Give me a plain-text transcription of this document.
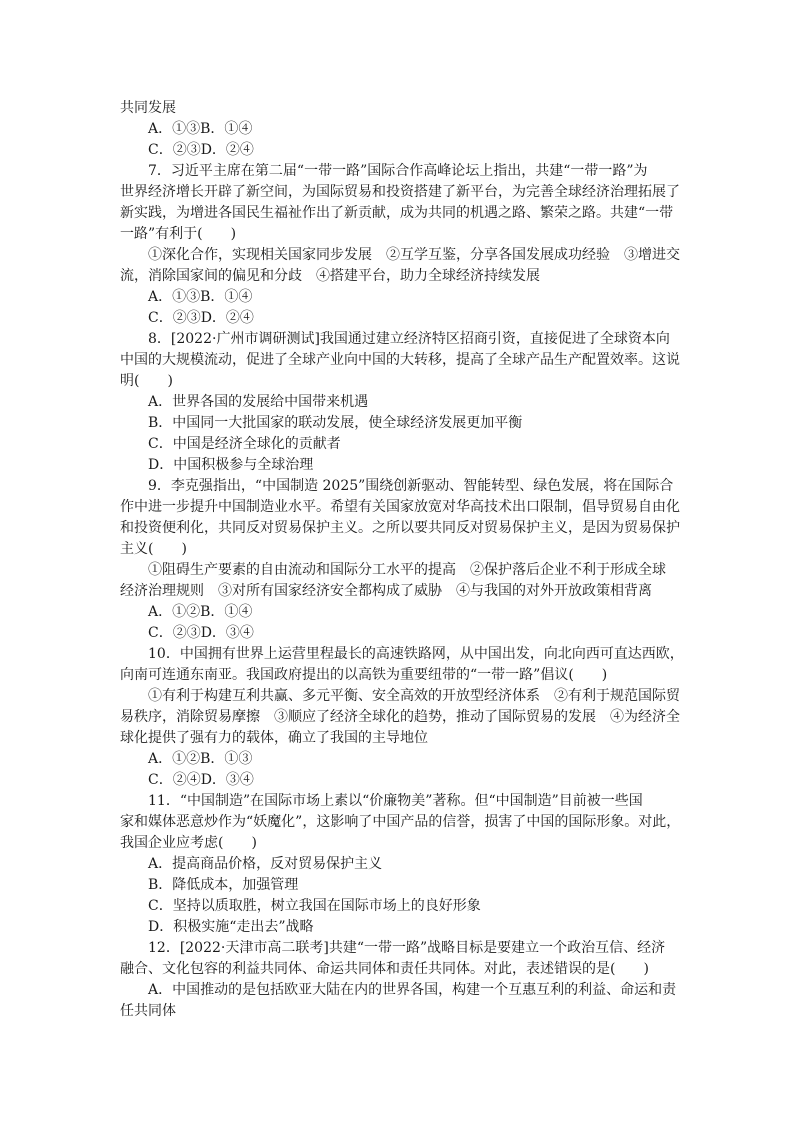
共同发展
A．①③B．①④
C．②③D．②④
7．习近平主席在第二届“一带一路”国际合作高峰论坛上指出，共建“一带一路”为
世界经济增长开辟了新空间，为国际贸易和投资搭建了新平台，为完善全球经济治理拓展了
新实践，为增进各国民生福祉作出了新贡献，成为共同的机遇之路、繁荣之路。共建“一带
一路”有利于(　　)
①深化合作，实现相关国家同步发展　②互学互鉴，分享各国发展成功经验　③增进交
流，消除国家间的偏见和分歧　④搭建平台，助力全球经济持续发展
A．①③B．①④
C．②③D．②④
8．[2022·广州市调研测试]我国通过建立经济特区招商引资，直接促进了全球资本向
中国的大规模流动，促进了全球产业向中国的大转移，提高了全球产品生产配置效率。这说
明(　　)
A．世界各国的发展给中国带来机遇
B．中国同一大批国家的联动发展，使全球经济发展更加平衡
C．中国是经济全球化的贡献者
D．中国积极参与全球治理
9．李克强指出，“中国制造 2025”围绕创新驱动、智能转型、绿色发展，将在国际合
作中进一步提升中国制造业水平。希望有关国家放宽对华高技术出口限制，倡导贸易自由化
和投资便利化，共同反对贸易保护主义。之所以要共同反对贸易保护主义，是因为贸易保护
主义(　　)
①阻碍生产要素的自由流动和国际分工水平的提高　②保护落后企业不利于形成全球
经济治理规则　③对所有国家经济安全都构成了威胁　④与我国的对外开放政策相背离
A．①②B．①④
C．②③D．③④
10．中国拥有世界上运营里程最长的高速铁路网，从中国出发，向北向西可直达西欧，
向南可连通东南亚。我国政府提出的以高铁为重要纽带的“一带一路”倡议(　　)
①有利于构建互利共赢、多元平衡、安全高效的开放型经济体系　②有利于规范国际贸
易秩序，消除贸易摩擦　③顺应了经济全球化的趋势，推动了国际贸易的发展　④为经济全
球化提供了强有力的载体，确立了我国的主导地位
A．①②B．①③
C．②④D．③④
11．“中国制造”在国际市场上素以“价廉物美”著称。但“中国制造”目前被一些国
家和媒体恶意炒作为“妖魔化”，这影响了中国产品的信誉，损害了中国的国际形象。对此，
我国企业应考虑(　　)
A．提高商品价格，反对贸易保护主义
B．降低成本，加强管理
C．坚持以质取胜，树立我国在国际市场上的良好形象
D．积极实施“走出去”战略
12．[2022·天津市高二联考]共建“一带一路”战略目标是要建立一个政治互信、经济
融合、文化包容的利益共同体、命运共同体和责任共同体。对此，表述错误的是(　　)
A．中国推动的是包括欧亚大陆在内的世界各国，构建一个互惠互利的利益、命运和责
任共同体
